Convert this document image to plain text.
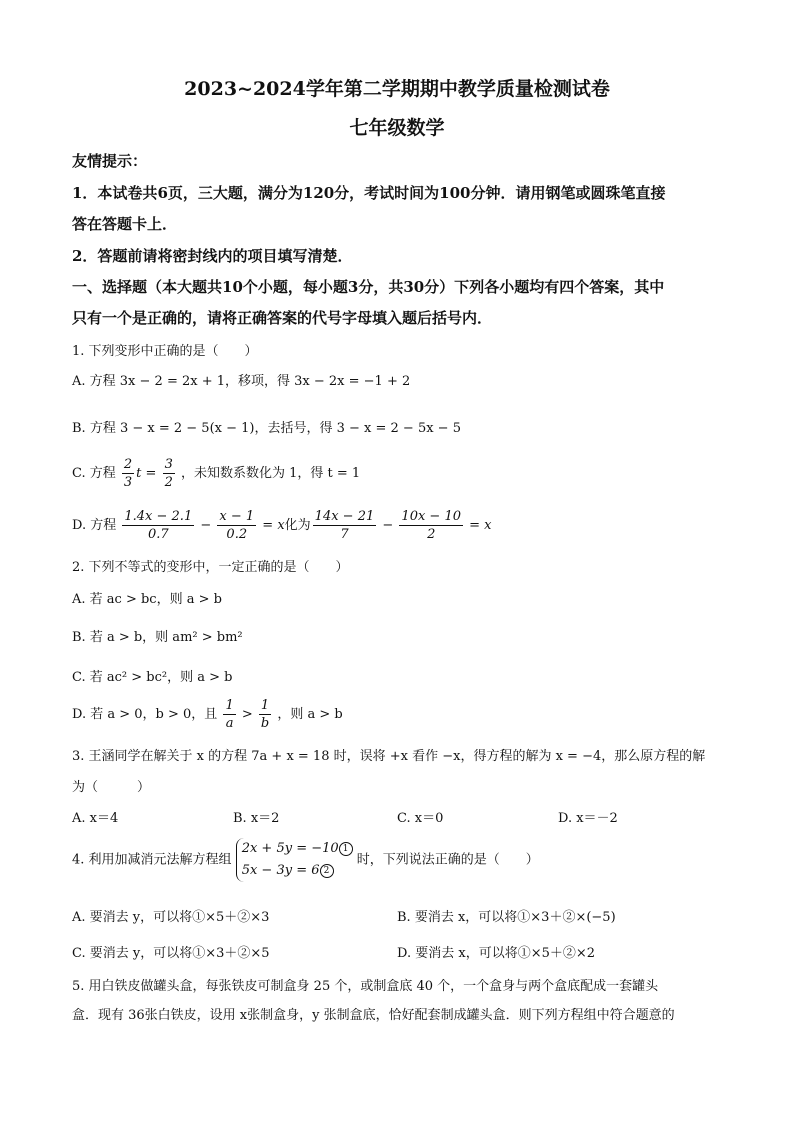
2023~2024学年第二学期期中教学质量检测试卷
七年级数学
友情提示：
1．本试卷共6页，三大题，满分为120分，考试时间为100分钟．请用钢笔或圆珠笔直接
答在答题卡上．
2．答题前请将密封线内的项目填写清楚．
一、选择题（本大题共10个小题，每小题3分，共30分）下列各小题均有四个答案，其中
只有一个是正确的，请将正确答案的代号字母填入题后括号内．
1. 下列变形中正确的是（　　）
A. 方程 3x − 2 = 2x + 1，移项，得 3x − 2x = −1 + 2
B. 方程 3 − x = 2 − 5(x − 1)，去括号，得 3 − x = 2 − 5x − 5
C. 方程 $\frac{2}{3}$ $t = \frac{3}{2}$ ，未知数系数化为 1，得 t = 1
D. 方程 $\frac{1.4x - 2.1}{0.7} - \frac{x - 1}{0.2} = x$化为 $\frac{14x - 21}{7} - \frac{10x - 10}{2} = x$
2. 下列不等式的变形中，一定正确的是（　　）
A. 若 ac > bc，则 a > b
B. 若 a > b，则 am² > bm²
C. 若 ac² > bc²，则 a > b
D. 若 a > 0，b > 0，且 $\frac{1}{a} > \frac{1}{b}$ ，则 a > b
3. 王涵同学在解关于 x 的方程 7a + x = 18 时，误将 +x 看作 −x，得方程的解为 x = −4，那么原方程的解
为（　　　）
A. x＝4	B. x＝2	C. x＝0	D. x＝－2
4. 利用加减消元法解方程组 2x + 5y = −10 1
5x − 3y = 6 2 时，下列说法正确的是（　　）
A. 要消去 y，可以将①×5＋②×3	B. 要消去 x，可以将①×3＋②×(−5)
C. 要消去 y，可以将①×3＋②×5	D. 要消去 x，可以将①×5＋②×2
5. 用白铁皮做罐头盒，每张铁皮可制盒身 25 个，或制盒底 40 个，一个盒身与两个盒底配成一套罐头
盒．现有 36张白铁皮，设用 x张制盒身，y 张制盒底，恰好配套制成罐头盒．则下列方程组中符合题意的
